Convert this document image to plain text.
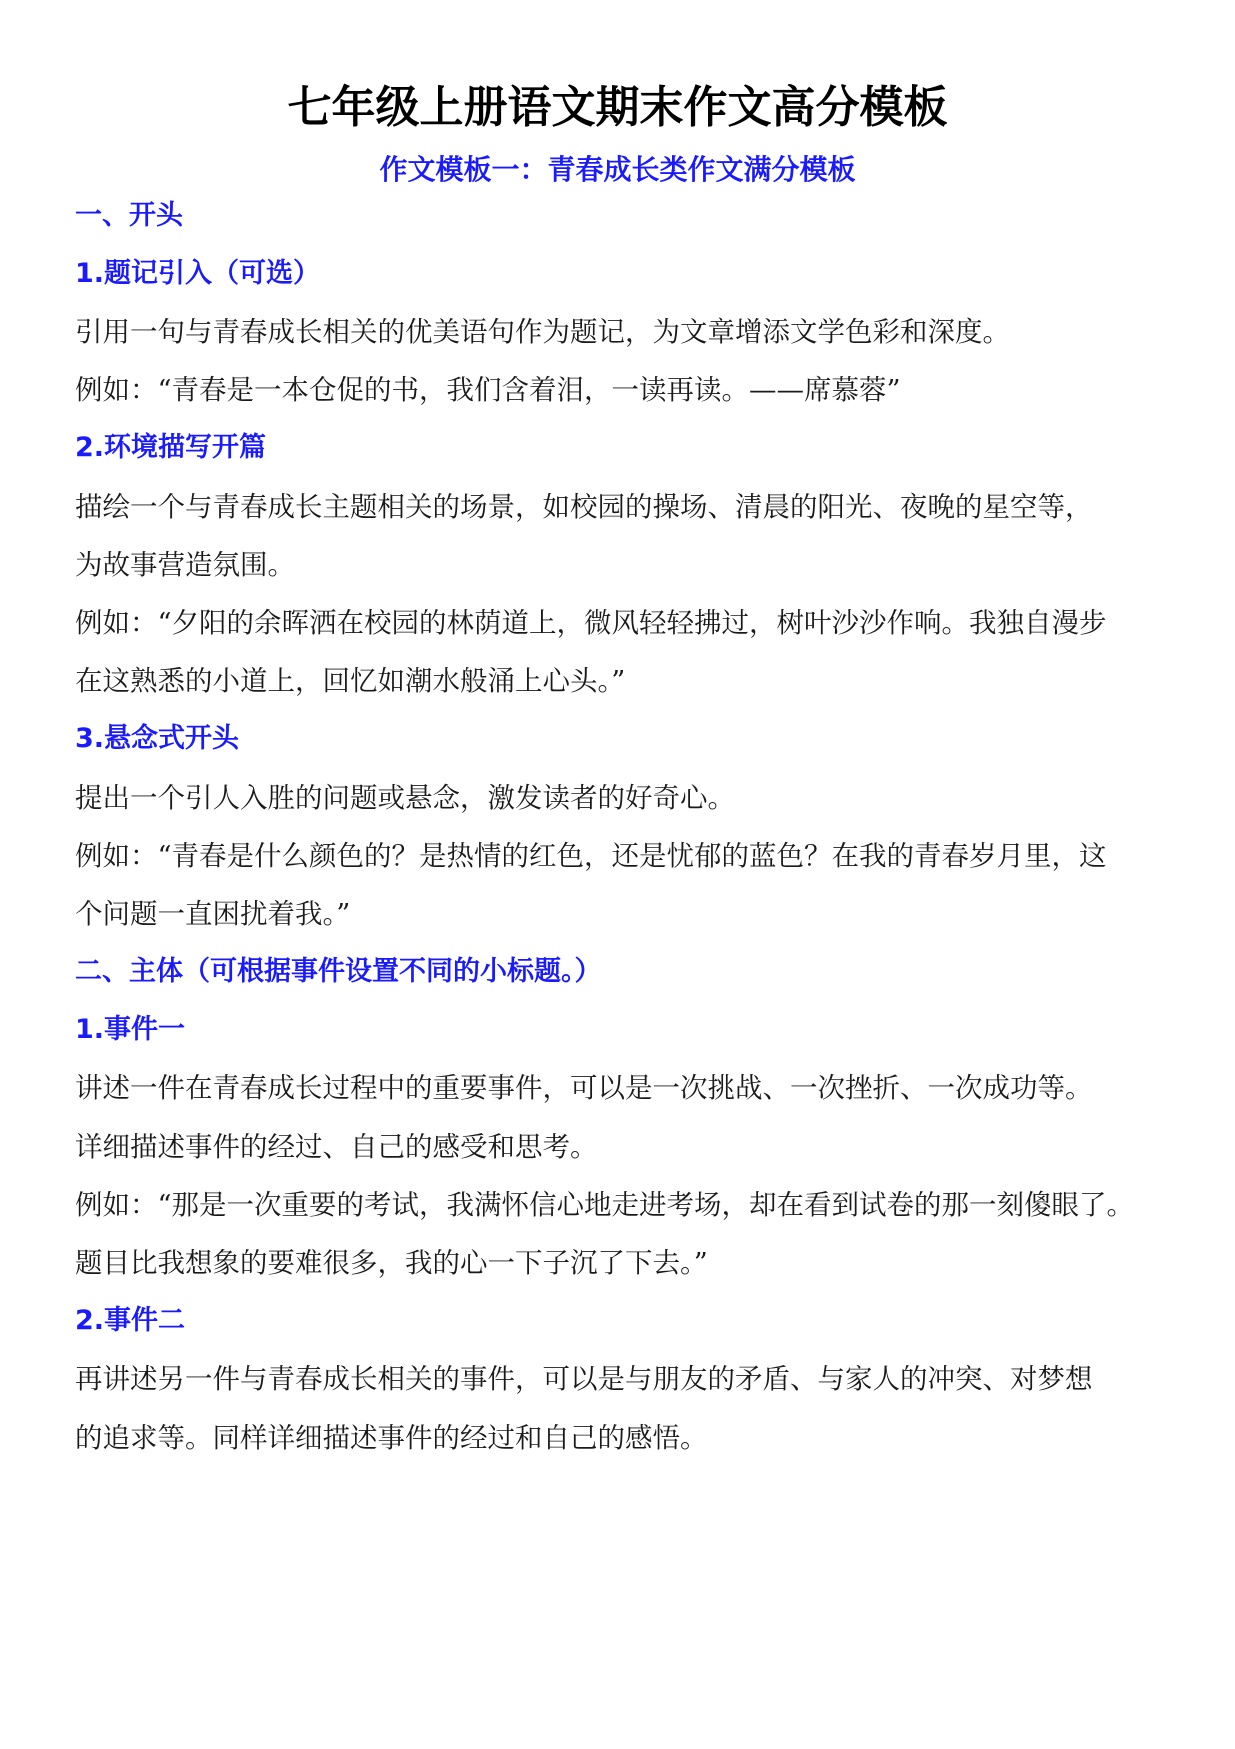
七年级上册语文期末作文高分模板
作文模板一：青春成长类作文满分模板
一、开头
1.题记引入（可选）
引用一句与青春成长相关的优美语句作为题记，为文章增添文学色彩和深度。
例如：“青春是一本仓促的书，我们含着泪，一读再读。——席慕蓉”
2.环境描写开篇
描绘一个与青春成长主题相关的场景，如校园的操场、清晨的阳光、夜晚的星空等，
为故事营造氛围。
例如：“夕阳的余晖洒在校园的林荫道上，微风轻轻拂过，树叶沙沙作响。我独自漫步
在这熟悉的小道上，回忆如潮水般涌上心头。”
3.悬念式开头
提出一个引人入胜的问题或悬念，激发读者的好奇心。
例如：“青春是什么颜色的？是热情的红色，还是忧郁的蓝色？在我的青春岁月里，这
个问题一直困扰着我。”
二、主体（可根据事件设置不同的小标题。）
1.事件一
讲述一件在青春成长过程中的重要事件，可以是一次挑战、一次挫折、一次成功等。
详细描述事件的经过、自己的感受和思考。
例如：“那是一次重要的考试，我满怀信心地走进考场，却在看到试卷的那一刻傻眼了。
题目比我想象的要难很多，我的心一下子沉了下去。”
2.事件二
再讲述另一件与青春成长相关的事件，可以是与朋友的矛盾、与家人的冲突、对梦想
的追求等。同样详细描述事件的经过和自己的感悟。
